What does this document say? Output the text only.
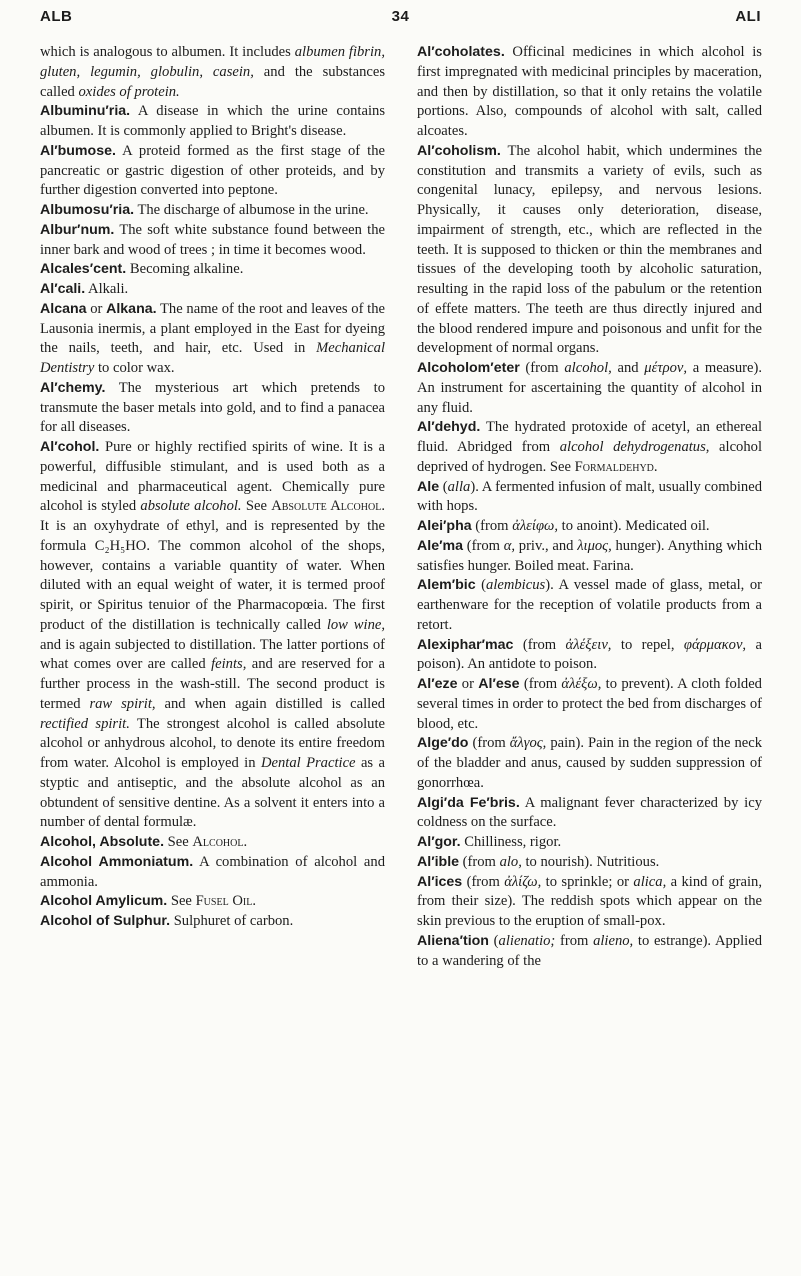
ALB	34	ALI

which is analogous to albumen. It includes albumen fibrin, gluten, legumin, globulin, casein, and the substances called oxides of protein.

Albuminu′ria. A disease in which the urine contains albumen. It is commonly applied to Bright's disease.

Al′bumose. A proteid formed as the first stage of the pancreatic or gastric digestion of other proteids, and by further digestion converted into peptone.

Albumosu′ria. The discharge of albumose in the urine.

Albur′num. The soft white substance found between the inner bark and wood of trees ; in time it becomes wood.

Alcales′cent. Becoming alkaline.

Al′cali. Alkali.

Alcana or Alkana. The name of the root and leaves of the Lausonia inermis, a plant employed in the East for dyeing the nails, teeth, and hair, etc. Used in Mechanical Dentistry to color wax.

Al′chemy. The mysterious art which pretends to transmute the baser metals into gold, and to find a panacea for all diseases.

Al′cohol. Pure or highly rectified spirits of wine. It is a powerful, diffusible stimulant, and is used both as a medicinal and pharmaceutical agent. Chemically pure alcohol is styled absolute alcohol. See Absolute Alcohol. It is an oxyhydrate of ethyl, and is represented by the formula C₂H₅HO. The common alcohol of the shops, however, contains a variable quantity of water. When diluted with an equal weight of water, it is termed proof spirit, or Spiritus tenuior of the Pharmacopœia. The first product of the distillation is technically called low wine, and is again subjected to distillation. The latter portions of what comes over are called feints, and are reserved for a further process in the wash-still. The second product is termed raw spirit, and when again distilled is called rectified spirit. The strongest alcohol is called absolute alcohol or anhydrous alcohol, to denote its entire freedom from water. Alcohol is employed in Dental Practice as a styptic and antiseptic, and the absolute alcohol as an obtundent of sensitive dentine. As a solvent it enters into a number of dental formulæ.

Alcohol, Absolute. See Alcohol.

Alcohol Ammoniatum. A combination of alcohol and ammonia.

Alcohol Amylicum. See Fusel Oil.

Alcohol of Sulphur. Sulphuret of carbon.

Al′coholates. Officinal medicines in which alcohol is first impregnated with medicinal principles by maceration, and then by distillation, so that it only retains the volatile portions. Also, compounds of alcohol with salt, called alcoates.

Al′coholism. The alcohol habit, which undermines the constitution and transmits a variety of evils, such as congenital lunacy, epilepsy, and nervous lesions. Physically, it causes only deterioration, disease, impairment of strength, etc., which are reflected in the teeth. It is supposed to thicken or thin the membranes and tissues of the developing tooth by alcoholic saturation, resulting in the rapid loss of the pabulum or the retention of effete matters. The teeth are thus directly injured and the blood rendered impure and poisonous and unfit for the development of normal organs.

Alcoholom′eter (from alcohol, and μέτρον, a measure). An instrument for ascertaining the quantity of alcohol in any fluid.

Al′dehyd. The hydrated protoxide of acetyl, an ethereal fluid. Abridged from alcohol dehydrogenatus, alcohol deprived of hydrogen. See Formaldehyd.

Ale (alla). A fermented infusion of malt, usually combined with hops.

Alei′pha (from ἀλείφω, to anoint). Medicated oil.

Ale′ma (from α, priv., and λιμος, hunger). Anything which satisfies hunger. Boiled meat. Farina.

Alem′bic (alembicus). A vessel made of glass, metal, or earthenware for the reception of volatile products from a retort.

Alexiphar′mac (from ἀλέξειν, to repel, φάρμακον, a poison). An antidote to poison.

Al′eze or Al′ese (from ἀλέξω, to prevent). A cloth folded several times in order to protect the bed from discharges of blood, etc.

Alge′do (from ἄλγος, pain). Pain in the region of the neck of the bladder and anus, caused by sudden suppression of gonorrhœa.

Algi′da Fe′bris. A malignant fever characterized by icy coldness on the surface.

Al′gor. Chilliness, rigor.

Al′ible (from alo, to nourish). Nutritious.

Al′ices (from ἀλίζω, to sprinkle; or alica, a kind of grain, from their size). The reddish spots which appear on the skin previous to the eruption of small-pox.

Aliena′tion (alienatio; from alieno, to estrange). Applied to a wandering of the
